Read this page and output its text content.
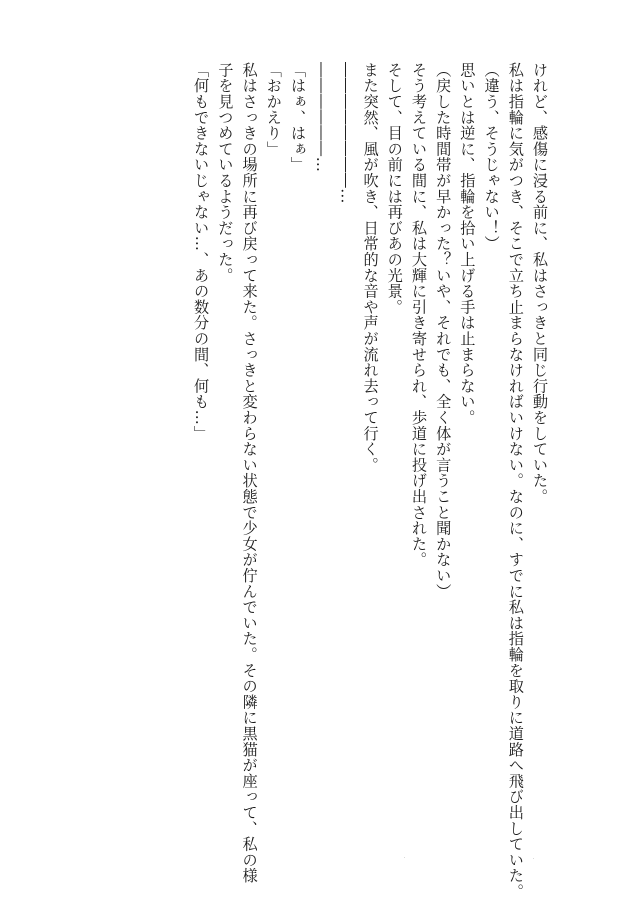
けれど、感傷に浸る前に、私はさっきと同じ行動をしていた。
私は指輪に気がつき、そこで立ち止まらなければいけない。なのに、すでに私は指輪を取りに道路へ飛び出していた。
（違う、そうじゃない！）
思いとは逆に、指輪を拾い上げる手は止まらない。
（戻した時間帯が早かった？いや、それでも、全く体が言うこと聞かない）
そう考えている間に、私は大輝に引き寄せられ、歩道に投げ出された。
そして、目の前には再びあの光景。
また突然、風が吹き、日常的な音や声が流れ去って行く。
――――――――…
――――――…
「はぁ、はぁ」
「おかえり」
私はさっきの場所に再び戻って来た。さっきと変わらない状態で少女が佇んでいた。その隣に黒猫が座って、私の様
子を見つめているようだった。
「何もできないじゃない…、あの数分の間、何も…」
·	·
